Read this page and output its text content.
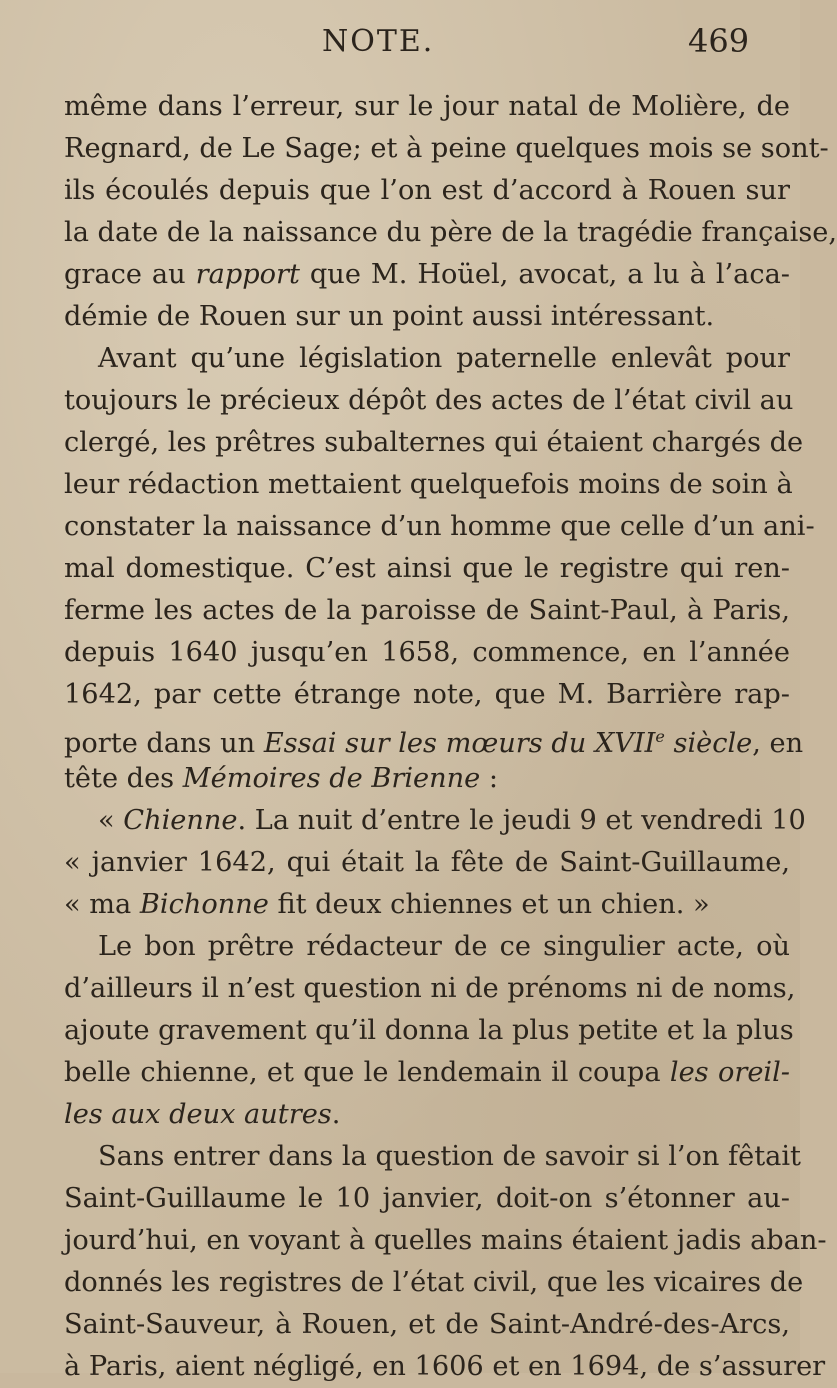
NOTE.	469
même dans l’erreur, sur le jour natal de Molière, de
Regnard, de Le Sage; et à peine quelques mois se sont-
ils écoulés depuis que l’on est d’accord à Rouen sur
la date de la naissance du père de la tragédie française,
grace au rapport que M. Hoüel, avocat, a lu à l’aca-
démie de Rouen sur un point aussi intéressant.
Avant qu’une législation paternelle enlevât pour
toujours le précieux dépôt des actes de l’état civil au
clergé, les prêtres subalternes qui étaient chargés de
leur rédaction mettaient quelquefois moins de soin à
constater la naissance d’un homme que celle d’un ani-
mal domestique. C’est ainsi que le registre qui ren-
ferme les actes de la paroisse de Saint-Paul, à Paris,
depuis 1640 jusqu’en 1658, commence, en l’année
1642, par cette étrange note, que M. Barrière rap-
porte dans un Essai sur les mœurs du XVIIe siècle, en
tête des Mémoires de Brienne :
« Chienne. La nuit d’entre le jeudi 9 et vendredi 10
« janvier 1642, qui était la fête de Saint-Guillaume,
« ma Bichonne fit deux chiennes et un chien. »
Le bon prêtre rédacteur de ce singulier acte, où
d’ailleurs il n’est question ni de prénoms ni de noms,
ajoute gravement qu’il donna la plus petite et la plus
belle chienne, et que le lendemain il coupa les oreil-
les aux deux autres.
Sans entrer dans la question de savoir si l’on fêtait
Saint-Guillaume le 10 janvier, doit-on s’étonner au-
jourd’hui, en voyant à quelles mains étaient jadis aban-
donnés les registres de l’état civil, que les vicaires de
Saint-Sauveur, à Rouen, et de Saint-André-des-Arcs,
à Paris, aient négligé, en 1606 et en 1694, de s’assurer
